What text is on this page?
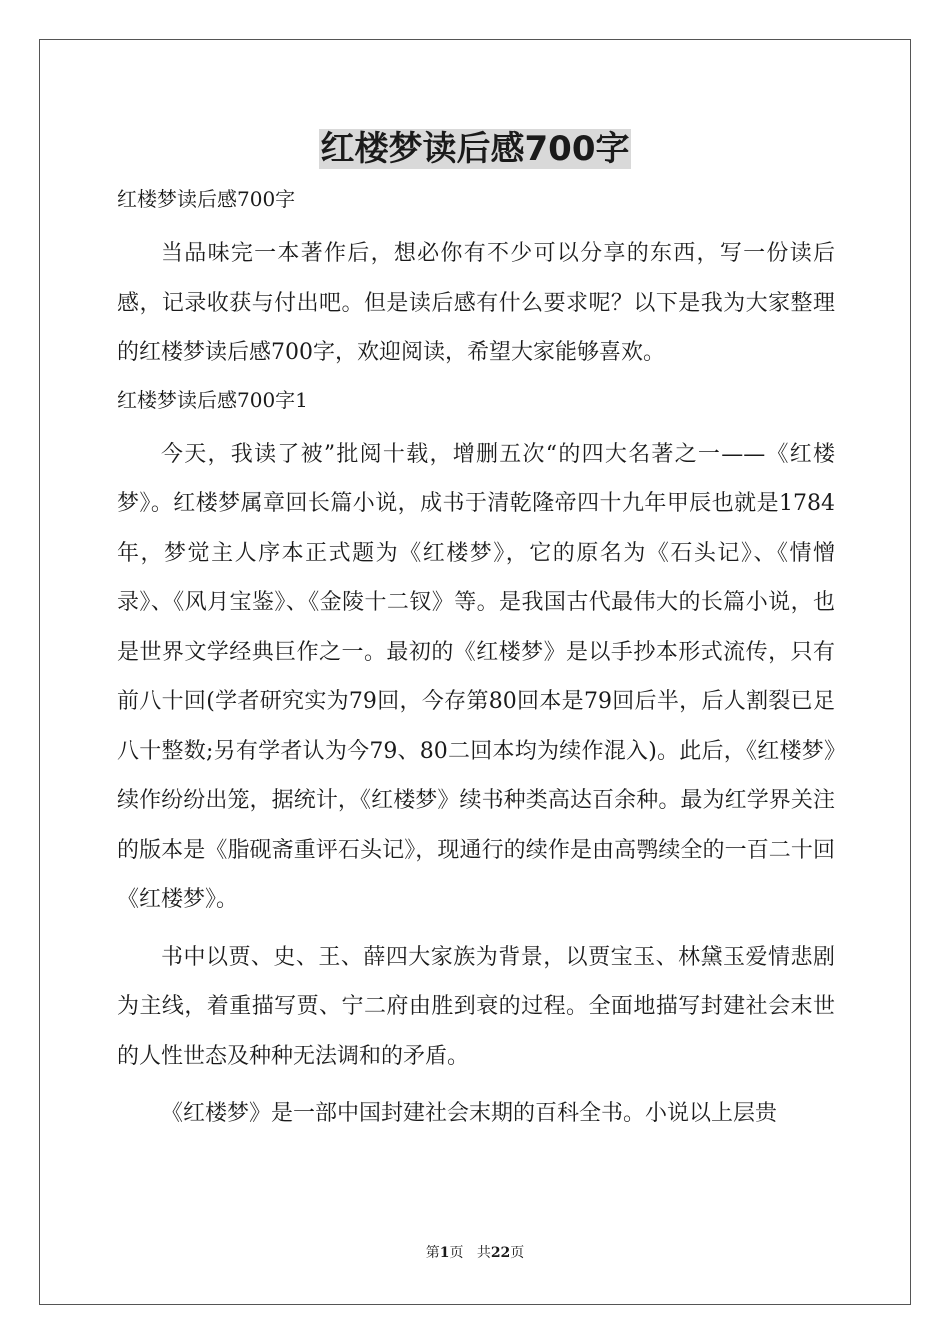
红楼梦读后感700字

红楼梦读后感700字

当品味完一本著作后，想必你有不少可以分享的东西，写一份读后感，记录收获与付出吧。但是读后感有什么要求呢？以下是我为大家整理的红楼梦读后感700字，欢迎阅读，希望大家能够喜欢。

红楼梦读后感700字1

今天，我读了被”批阅十载，增删五次“的四大名著之一——《红楼梦》。红楼梦属章回长篇小说，成书于清乾隆帝四十九年甲辰也就是1784年，梦觉主人序本正式题为《红楼梦》，它的原名为《石头记》、《情憎录》、《风月宝鉴》、《金陵十二钗》等。是我国古代最伟大的长篇小说，也是世界文学经典巨作之一。最初的《红楼梦》是以手抄本形式流传，只有前八十回(学者研究实为79回，今存第80回本是79回后半，后人割裂已足八十整数;另有学者认为今79、80二回本均为续作混入)。此后，《红楼梦》续作纷纷出笼，据统计，《红楼梦》续书种类高达百余种。最为红学界关注的版本是《脂砚斋重评石头记》，现通行的续作是由高鹗续全的一百二十回《红楼梦》。

书中以贾、史、王、薛四大家族为背景，以贾宝玉、林黛玉爱情悲剧为主线，着重描写贾、宁二府由胜到衰的过程。全面地描写封建社会末世的人性世态及种种无法调和的矛盾。

《红楼梦》是一部中国封建社会末期的百科全书。小说以上层贵

第1页 共22页
